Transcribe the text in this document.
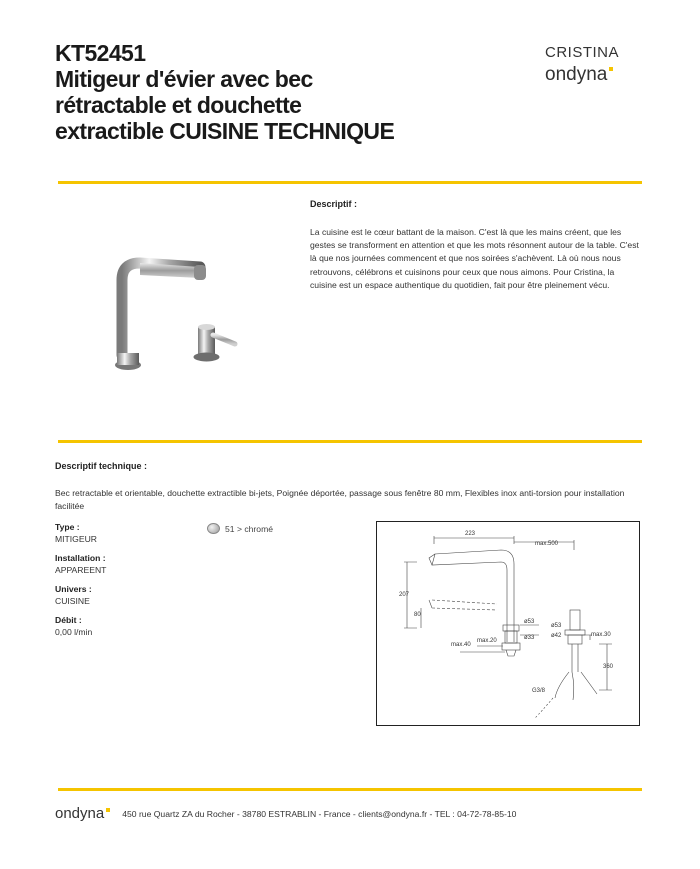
KT52451
Mitigeur d'évier avec bec
rétractable et douchette
extractible CUISINE TECHNIQUE
CRISTINA
ondyna
Descriptif :
La cuisine est le cœur battant de la maison. C'est là que les mains créent, que les gestes se transforment en attention et que les mots résonnent autour de la table. C'est là que nos journées commencent et que nos soirées s'achèvent. Là où nous nous retrouvons, célébrons et cuisinons pour ceux que nous aimons. Pour Cristina, la cuisine est un espace authentique du quotidien, fait pour être pleinement vécu.
Descriptif technique :
Bec retractable et orientable, douchette extractible bi-jets, Poignée déportée, passage sous fenêtre 80 mm, Flexibles inox anti-torsion pour installation facilitée
Type :
MITIGEUR
Installation :
APPAREENT
Univers :
CUISINE
Débit :
0,00 l/min
51 > chromé
223
max.500
207
80
ø53
ø53
ø33	ø42
max.20
max.40
max.30
360
G3/8
ondyna	450 rue Quartz ZA du Rocher - 38780 ESTRABLIN - France - clients@ondyna.fr - TEL : 04-72-78-85-10
